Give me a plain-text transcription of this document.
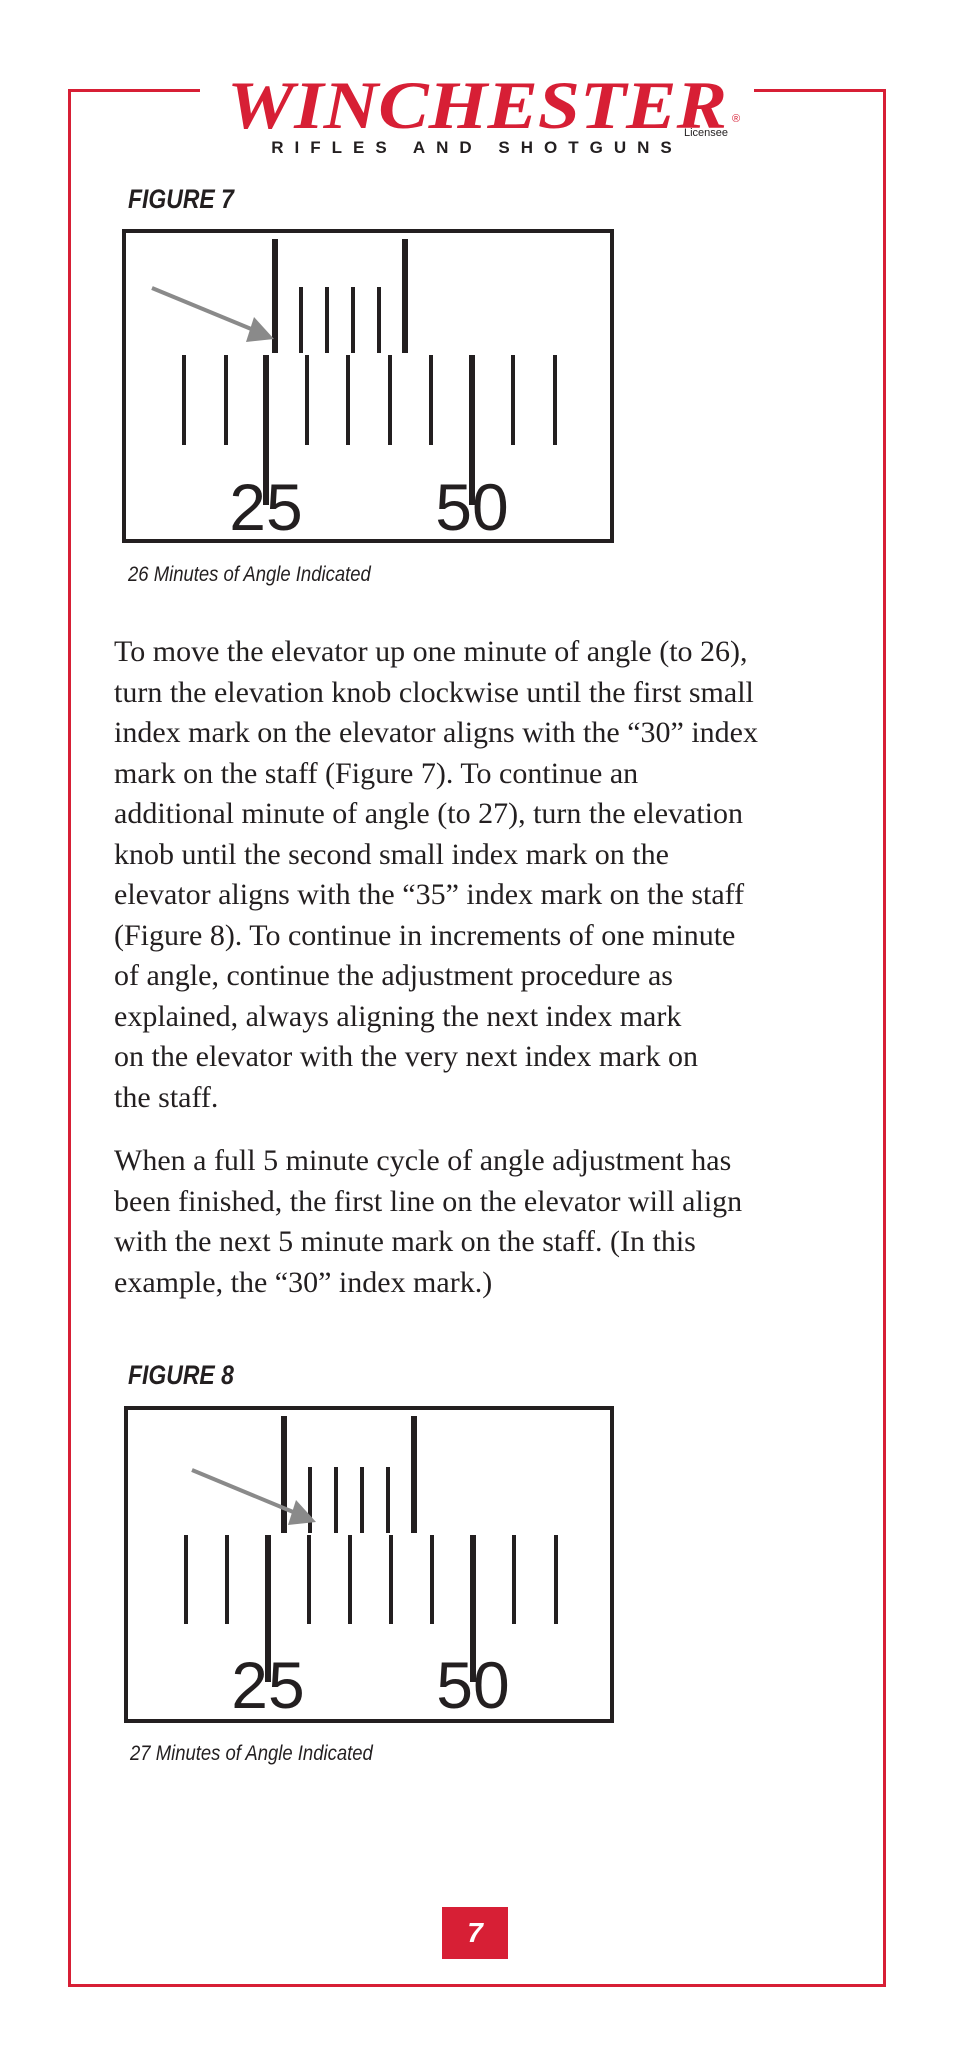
WINCHESTER ®
Licensee
RIFLES AND SHOTGUNS
FIGURE 7
25 50
26 Minutes of Angle Indicated
To move the elevator up one minute of angle (to 26),
turn the elevation knob clockwise until the first small
index mark on the elevator aligns with the “30” index
mark on the staff (Figure 7). To continue an
additional minute of angle (to 27), turn the elevation
knob until the second small index mark on the
elevator aligns with the “35” index mark on the staff
(Figure 8). To continue in increments of one minute
of angle, continue the adjustment procedure as
explained, always aligning the next index mark
on the elevator with the very next index mark on
the staff.
When a full 5 minute cycle of angle adjustment has
been finished, the first line on the elevator will align
with the next 5 minute mark on the staff. (In this
example, the “30” index mark.)
FIGURE 8
25 50
27 Minutes of Angle Indicated
7
